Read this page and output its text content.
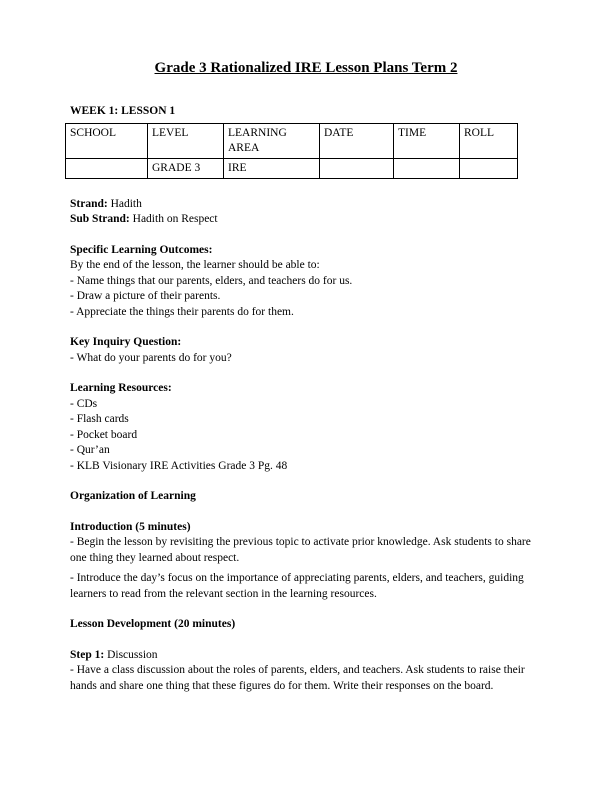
Grade 3 Rationalized IRE Lesson Plans Term 2

WEEK 1: LESSON 1

SCHOOL	LEVEL	LEARNING AREA	DATE	TIME	ROLL
	GRADE 3	IRE			

Strand: Hadith

Sub Strand: Hadith on Respect

Specific Learning Outcomes:

By the end of the lesson, the learner should be able to:

- Name things that our parents, elders, and teachers do for us.

- Draw a picture of their parents.

- Appreciate the things their parents do for them.

Key Inquiry Question:

- What do your parents do for you?

Learning Resources:

- CDs

- Flash cards

- Pocket board

- Qur’an

- KLB Visionary IRE Activities Grade 3 Pg. 48

Organization of Learning

Introduction (5 minutes)

- Begin the lesson by revisiting the previous topic to activate prior knowledge. Ask students to share one thing they learned about respect.

- Introduce the day’s focus on the importance of appreciating parents, elders, and teachers, guiding learners to read from the relevant section in the learning resources.

Lesson Development (20 minutes)

Step 1: Discussion

- Have a class discussion about the roles of parents, elders, and teachers. Ask students to raise their hands and share one thing that these figures do for them. Write their responses on the board.
